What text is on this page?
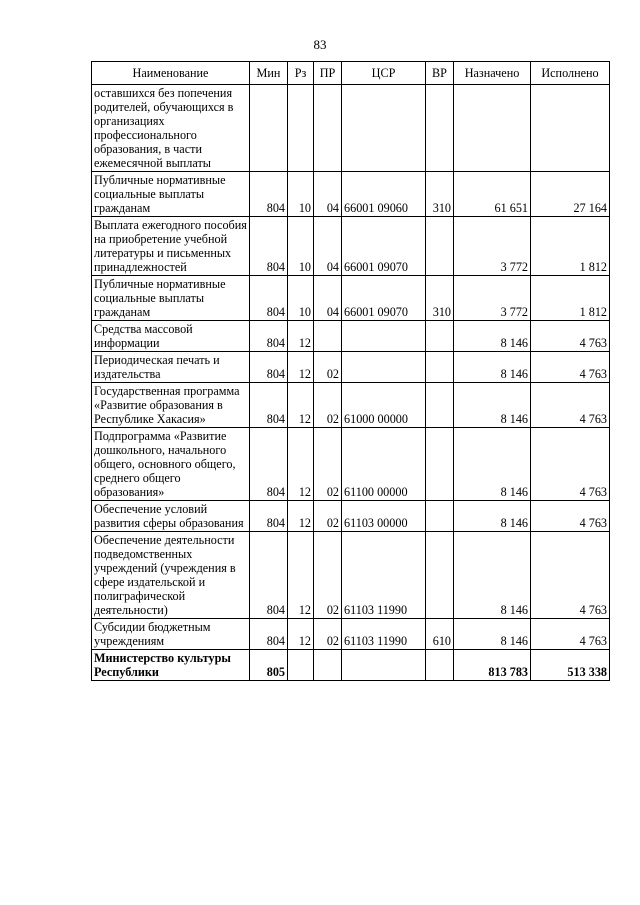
83
Наименование	Мин	Рз	ПР	ЦСР	ВР	Назначено	Исполнено
оставшихся без попечения родителей, обучающихся в организациях профессионального образования, в части ежемесячной выплаты							
Публичные нормативные социальные выплаты гражданам	804	10	04	66001 09060	310	61 651	27 164
Выплата ежегодного пособия на приобретение учебной литературы и письменных принадлежностей	804	10	04	66001 09070		3 772	1 812
Публичные нормативные социальные выплаты гражданам	804	10	04	66001 09070	310	3 772	1 812
Средства массовой информации	804	12				8 146	4 763
Периодическая печать и издательства	804	12	02			8 146	4 763
Государственная программа «Развитие образования в Республике Хакасия»	804	12	02	61000 00000		8 146	4 763
Подпрограмма «Развитие дошкольного, начального общего, основного общего, среднего общего образования»	804	12	02	61100 00000		8 146	4 763
Обеспечение условий развития сферы образования	804	12	02	61103 00000		8 146	4 763
Обеспечение деятельности подведомственных учреждений (учреждения в сфере издательской и полиграфической деятельности)	804	12	02	61103 11990		8 146	4 763
Субсидии бюджетным учреждениям	804	12	02	61103 11990	610	8 146	4 763
Министерство культуры Республики	805					813 783	513 338
